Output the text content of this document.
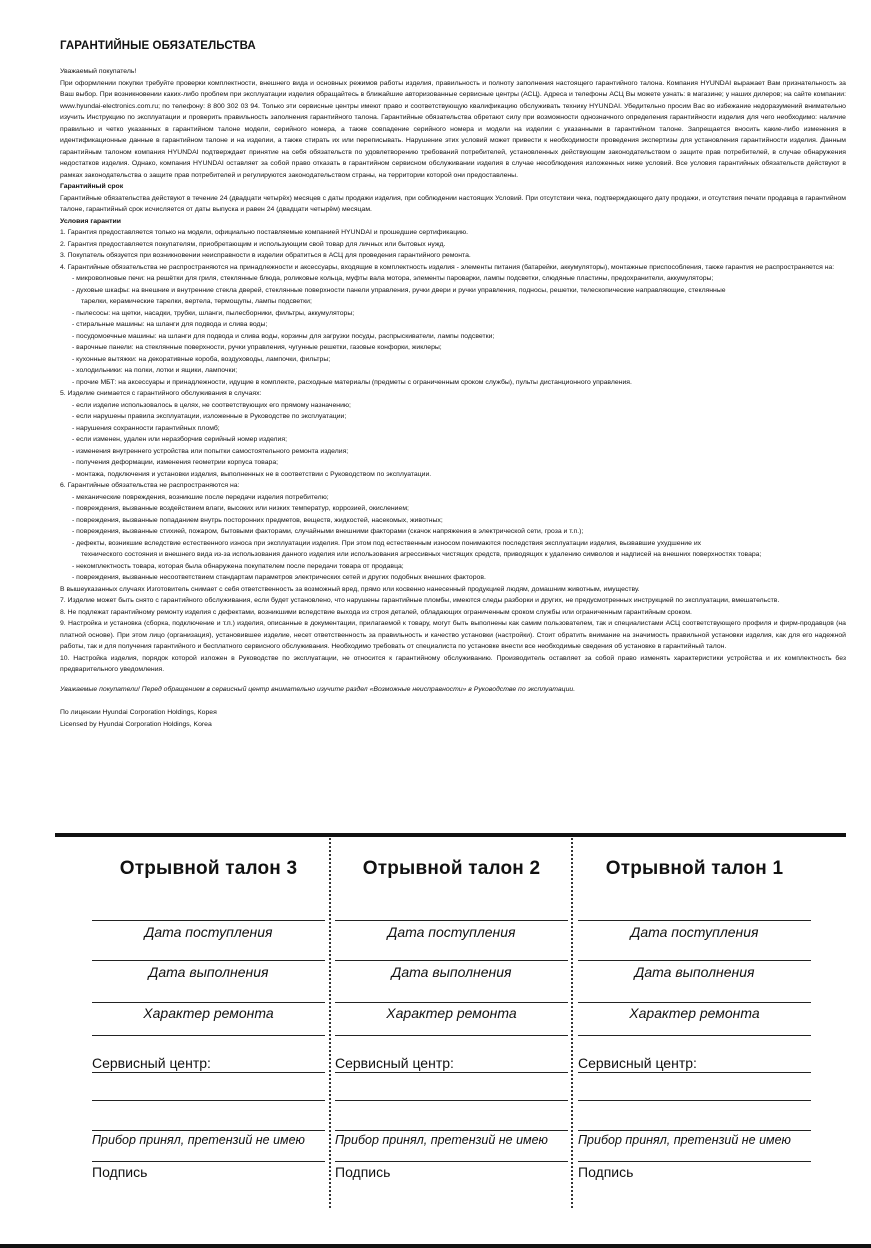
ГАРАНТИЙНЫЕ ОБЯЗАТЕЛЬСТВА

Уважаемый покупатель!

При оформлении покупки требуйте проверки комплектности, внешнего вида и основных режимов работы изделия, правильность и полноту заполнения настоящего гарантийного талона. Компания HYUNDAI выражает Вам признательность за Ваш выбор. При возникновении каких-либо проблем при эксплуатации изделия обращайтесь в ближайшие авторизованные сервисные центры (АСЦ). Адреса и телефоны АСЦ Вы можете узнать: в магазине; у наших дилеров; на сайте компании: www.hyundai-electronics.com.ru; по телефону: 8 800 302 03 94. Только эти сервисные центры имеют право и соответствующую квалификацию обслуживать технику HYUNDAI. Убедительно просим Вас во избежание недоразумений внимательно изучить Инструкцию по эксплуатации и проверить правильность заполнения гарантийного талона. Гарантийные обязательства обретают силу при возможности однозначного определения гарантийности изделия для чего необходимо: наличие правильно и четко указанных в гарантийном талоне модели, серийного номера, а также совпадение серийного номера и модели на изделии с указанными в гарантийном талоне. Запрещается вносить какие-либо изменения в идентификационные данные в гарантийном талоне и на изделии, а также стирать их или переписывать. Нарушение этих условий может привести к необходимости проведения экспертизы для установления гарантийности изделия. Данным гарантийным талоном компания HYUNDAI подтверждает принятие на себя обязательств по удовлетворению требований потребителей, установленных действующим законодательством о защите прав потребителей, в случае обнаружения недостатков изделия. Однако, компания HYUNDAI оставляет за собой право отказать в гарантийном сервисном обслуживании изделия в случае несоблюдения изложенных ниже условий. Все условия гарантийных обязательств действуют в рамках законодательства о защите прав потребителей и регулируются законодательством страны, на территории которой они предоставлены.

Гарантийный срок

Гарантийные обязательства действуют в течение 24 (двадцати четырёх) месяцев с даты продажи изделия, при соблюдении настоящих Условий. При отсутствии чека, подтверждающего дату продажи, и отсутствия печати продавца в гарантийном талоне, гарантийный срок исчисляется от даты выпуска и равен 24 (двадцати четырём) месяцам.

Условия гарантии

1. Гарантия предоставляется только на модели, официально поставляемые компанией HYUNDAI и прошедшие сертификацию.

2. Гарантия предоставляется покупателям, приобретающим и использующим свой товар для личных или бытовых нужд.

3. Покупатель обязуется при возникновении неисправности в изделии обратиться в АСЦ для проведения гарантийного ремонта.

4. Гарантийные обязательства не распространяются на принадлежности и аксессуары, входящие в комплектность изделия - элементы питания (батарейки, аккумуляторы), монтажные приспособления, также гарантия не распространяется на:

- микроволновые печи: на решётки для гриля, стеклянные блюда, роликовые кольца, муфты вала мотора, элементы пароварки, лампы подсветки, слюдяные пластины, предохранители, аккумуляторы;

- духовые шкафы: на внешние и внутренние стекла дверей, стеклянные поверхности панели управления, ручки двери и ручки управления, подносы, решетки, телескопические направляющие, стеклянные

тарелки, керамические тарелки, вертела, термощупы, лампы подсветки;

- пылесосы: на щетки, насадки, трубки, шланги, пылесборники, фильтры, аккумуляторы;

- стиральные машины: на шланги для подвода и слива воды;

- посудомоечные машины: на шланги для подвода и слива воды, корзины для загрузки посуды, распрыскиватели, лампы подсветки;

- варочные панели: на стеклянные поверхности, ручки управления, чугунные решетки, газовые конфорки, жиклеры;

- кухонные вытяжки: на декоративные короба, воздуховоды, лампочки, фильтры;

- холодильники: на полки, лотки и ящики, лампочки;

- прочие МБТ: на аксессуары и принадлежности, идущие в комплекте, расходные материалы (предметы с ограниченным сроком службы), пульты дистанционного управления.

5. Изделие снимается с гарантийного обслуживания в случаях:

- если изделие использовалось в целях, не соответствующих его прямому назначению;

- если нарушены правила эксплуатации, изложенные в Руководстве по эксплуатации;

- нарушения сохранности гарантийных пломб;

- если изменен, удален или неразборчив серийный номер изделия;

- изменения внутреннего устройства или попытки самостоятельного ремонта изделия;

- получения деформации, изменения геометрии корпуса товара;

- монтажа, подключения и установки изделия, выполненных не в соответствии с Руководством по эксплуатации.

6. Гарантийные обязательства не распространяются на:

- механические повреждения, возникшие после передачи изделия потребителю;

- повреждения, вызванные воздействием влаги, высоких или низких температур, коррозией, окислением;

- повреждения, вызванные попаданием внутрь посторонних предметов, веществ, жидкостей, насекомых, животных;

- повреждения, вызванные стихией, пожаром, бытовыми факторами, случайными внешними факторами (скачок напряжения в электрической сети, гроза и т.п.);

- дефекты, возникшие вследствие естественного износа при эксплуатации изделия. При этом под естественным износом понимаются последствия эксплуатации изделия, вызвавшие ухудшение их

технического состояния и внешнего вида из-за использования данного изделия или использования агрессивных чистящих средств, приводящих к удалению символов и надписей на внешних поверхностях товара;

- некомплектность товара, которая была обнаружена покупателем после передачи товара от продавца;

- повреждения, вызванные несоответствием стандартам параметров электрических сетей и других подобных внешних факторов.

В вышеуказанных случаях Изготовитель снимает с себя ответственность за возможный вред, прямо или косвенно нанесенный продукцией людям, домашним животным, имуществу.

7. Изделие может быть снято с гарантийного обслуживания, если будет установлено, что нарушены гарантийные пломбы, имеются следы разборки и других, не предусмотренных инструкцией по эксплуатации, вмешательств.

8. Не подлежат гарантийному ремонту изделия с дефектами, возникшими вследствие выхода из строя деталей, обладающих ограниченным сроком службы или ограниченным гарантийным сроком.

9. Настройка и установка (сборка, подключение и т.п.) изделия, описанные в документации, прилагаемой к товару, могут быть выполнены как самим пользователем, так и специалистами АСЦ соответствующего профиля и фирм-продавцов (на платной основе). При этом лицо (организация), установившее изделие, несет ответственность за правильность и качество установки (настройки). Стоит обратить внимание на значимость правильной установки изделия, как для его надежной работы, так и для получения гарантийного и бесплатного сервисного обслуживания. Необходимо требовать от специалиста по установке внести все необходимые сведения об установке в гарантийный талон.

10. Настройка изделия, порядок которой изложен в Руководстве по эксплуатации, не относится к гарантийному обслуживанию. Производитель оставляет за собой право изменять характеристики устройства и их комплектность без предварительного уведомления.

Уважаемые покупатели! Перед обращением в сервисный центр внимательно изучите раздел «Возможные неисправности» в Руководстве по эксплуатации.

По лицензии Hyundai Corporation Holdings, Корея

Licensed by Hyundai Corporation Holdings, Korea

Отрывной талон 3
Дата поступления
Дата выполнения
Характер ремонта
Сервисный центр:
Прибор принял, претензий не имею
Подпись
Отрывной талон 2
Дата поступления
Дата выполнения
Характер ремонта
Сервисный центр:
Прибор принял, претензий не имею
Подпись
Отрывной талон 1
Дата поступления
Дата выполнения
Характер ремонта
Сервисный центр:
Прибор принял, претензий не имею
Подпись
